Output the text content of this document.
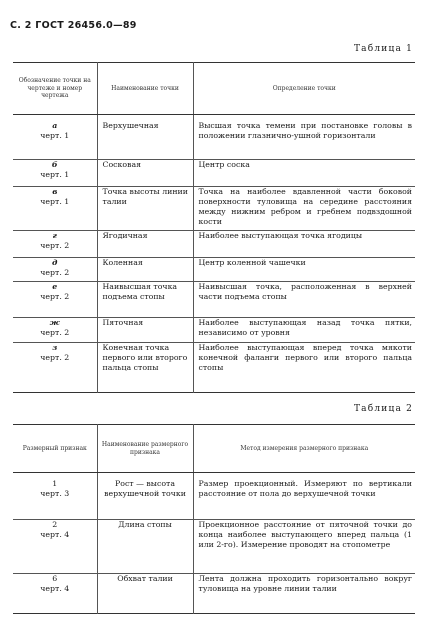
С. 2 ГОСТ 26456.0—89
Таблица 1
Обозначение точки на чертеже и номер чертежа	Наименование точки	Определение точки

а
черт. 1	Верхушечная	Высшая точка темени при постановке головы в положении глазнично-ушной горизонтали

б
черт. 1	Сосковая	Центр соска

в
черт. 1	Точка высоты линии талии	Точка на наиболее вдавленной части боковой поверхности туловища на середине расстояния между нижним ребром и гребнем подвздошной кости

г
черт. 2	Ягодичная	Наиболее выступающая точка ягодицы

д
черт. 2	Коленная	Центр коленной чашечки

е
черт. 2	Наивысшая точка подъема стопы	Наивысшая точка, расположенная в верхней части подъема стопы

ж
черт. 2	Пяточная	Наиболее выступающая назад точка пятки, независимо от уровня

з
черт. 2	Конечная точка первого или второго пальца стопы	Наиболее выступающая вперед точка мякоти конечной фаланги первого или второго пальца стопы
Таблица 2
Размерный признак	Наименование размерного признака	Метод измерения размерного признака

1
черт. 3	Рост — высота верхушечной точки	Размер проекционный. Измеряют по вертикали расстояние от пола до верхушечной точки

2
черт. 4	Длина стопы	Проекционное расстояние от пяточной точки до конца наиболее выступающего вперед пальца (1 или 2-го). Измерение проводят на стопометре

6
черт. 4	Обхват талии	Лента должна проходить горизонтально вокруг туловища на уровне линии талии
